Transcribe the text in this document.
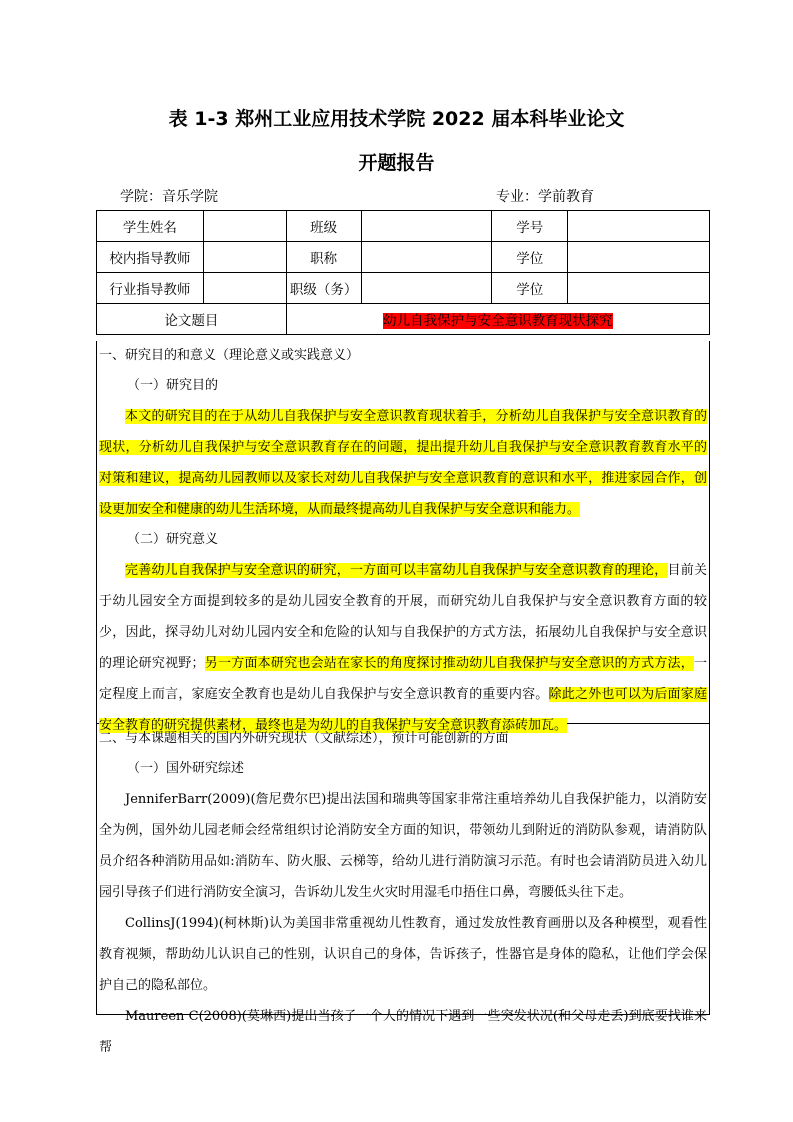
表 1-3 郑州工业应用技术学院 2022 届本科毕业论文
开题报告
学院：音乐学院	专业：学前教育
学生姓名		班级		学号	
校内指导教师		职称		学位	
行业指导教师		职级（务）		学位	
论文题目		幼儿自我保护与安全意识教育现状探究			

一、研究目的和意义（理论意义或实践意义）

（一）研究目的

本文的研究目的在于从幼儿自我保护与安全意识教育现状着手，分析幼儿自我保护与安全意识教育的现状，分析幼儿自我保护与安全意识教育存在的问题，提出提升幼儿自我保护与安全意识教育教育水平的对策和建议，提高幼儿园教师以及家长对幼儿自我保护与安全意识教育的意识和水平，推进家园合作，创设更加安全和健康的幼儿生活环境，从而最终提高幼儿自我保护与安全意识和能力。

（二）研究意义

完善幼儿自我保护与安全意识的研究，一方面可以丰富幼儿自我保护与安全意识教育的理论，目前关于幼儿园安全方面提到较多的是幼儿园安全教育的开展，而研究幼儿自我保护与安全意识教育方面的较少，因此，探寻幼儿对幼儿园内安全和危险的认知与自我保护的方式方法，拓展幼儿自我保护与安全意识的理论研究视野；另一方面本研究也会站在家长的角度探讨推动幼儿自我保护与安全意识的方式方法，一定程度上而言，家庭安全教育也是幼儿自我保护与安全意识教育的重要内容。除此之外也可以为后面家庭安全教育的研究提供素材，最终也是为幼儿的自我保护与安全意识教育添砖加瓦。

二、与本课题相关的国内外研究现状（文献综述），预计可能创新的方面

（一）国外研究综述

JenniferBarr(2009)(詹尼费尔巴)提出法国和瑞典等国家非常注重培养幼儿自我保护能力，以消防安全为例，国外幼儿园老师会经常组织讨论消防安全方面的知识，带领幼儿到附近的消防队参观，请消防队员介绍各种消防用品如:消防车、防火服、云梯等，给幼儿进行消防演习示范。有时也会请消防员进入幼儿园引导孩子们进行消防安全演习，告诉幼儿发生火灾时用湿毛巾捂住口鼻，弯腰低头往下走。

CollinsJ(1994)(柯林斯)认为美国非常重视幼儿性教育，通过发放性教育画册以及各种模型，观看性教育视频，帮助幼儿认识自己的性别，认识自己的身体，告诉孩子，性器官是身体的隐私，让他们学会保护自己的隐私部位。

Maureen C(2008)(莫琳西)提出当孩子一个人的情况下遇到一些突发状况(和父母走丢)到底要找谁来帮
